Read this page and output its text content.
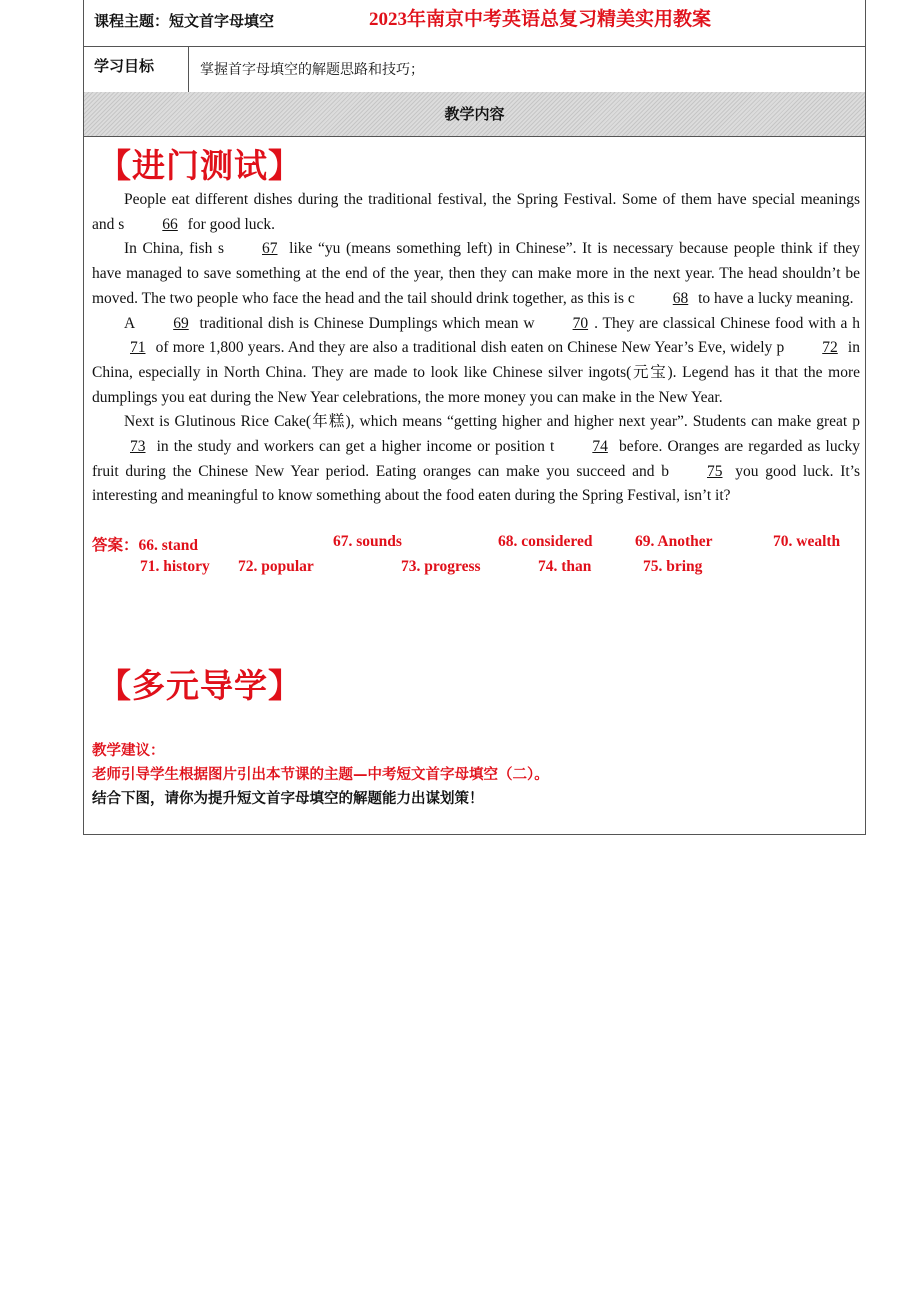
课程主题：短文首字母填空	2023年南京中考英语总复习精美实用教案
学习目标	掌握首字母填空的解题思路和技巧；
教学内容
【进门测试】

People eat different dishes during the traditional festival, the Spring Festival. Some of them have special meanings and s 66 for good luck.

In China, fish s 67 like “yu (means something left) in Chinese”. It is necessary because people think if they have managed to save something at the end of the year, then they can make more in the next year. The head shouldn’t be moved. The two people who face the head and the tail should drink together, as this is c 68 to have a lucky meaning.

A 69 traditional dish is Chinese Dumplings which mean w 70 . They are classical Chinese food with a h71 of more 1,800 years. And they are also a traditional dish eaten on Chinese New Year’s Eve, widely p 72 in China, especially in North China. They are made to look like Chinese silver ingots(元宝). Legend has it that the more dumplings you eat during the New Year celebrations, the more money you can make in the New Year.

Next is Glutinous Rice Cake(年糕), which means “getting higher and higher next year”. Students can make great p73 in the study and workers can get a higher income or position t 74 before. Oranges are regarded as lucky fruit during the Chinese New Year period. Eating oranges can make you succeed and b 75 you good luck. It’s interesting and meaningful to know something about the food eaten during the Spring Festival, isn’t it?

答案：66. stand	67. sounds	68. considered	69. Another	70. wealth
71. history 72. popular	73. progress	74. than	75. bring
【多元导学】
教学建议：
老师引导学生根据图片引出本节课的主题—中考短文首字母填空（二）。
结合下图，请你为提升短文首字母填空的解题能力出谋划策！
